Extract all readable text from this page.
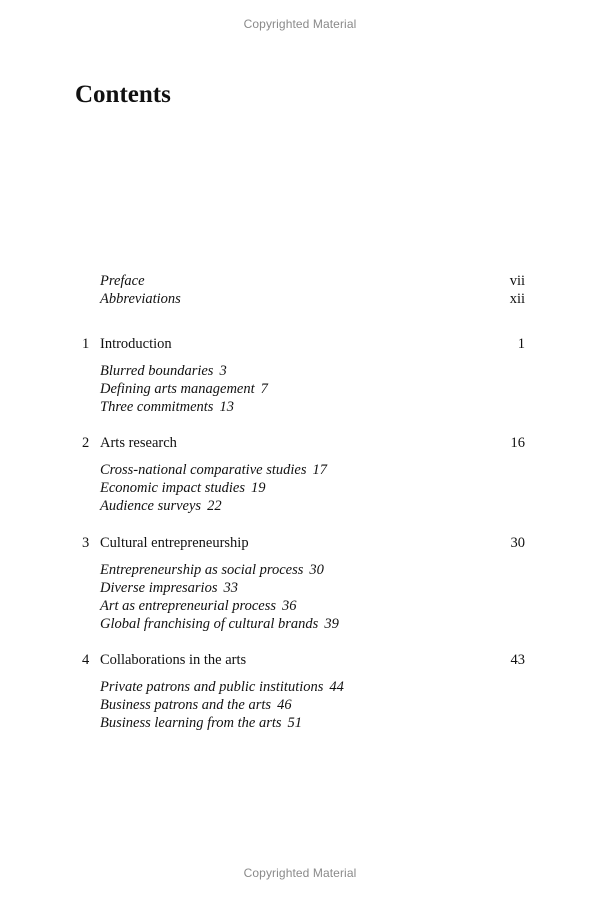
Copyrighted Material
Contents
Preface	vii
Abbreviations	xii
1 Introduction	1
Blurred boundaries 3
Defining arts management 7
Three commitments 13
2 Arts research	16
Cross-national comparative studies 17
Economic impact studies 19
Audience surveys 22
3 Cultural entrepreneurship	30
Entrepreneurship as social process 30
Diverse impresarios 33
Art as entrepreneurial process 36
Global franchising of cultural brands 39
4 Collaborations in the arts	43
Private patrons and public institutions 44
Business patrons and the arts 46
Business learning from the arts 51
Copyrighted Material
